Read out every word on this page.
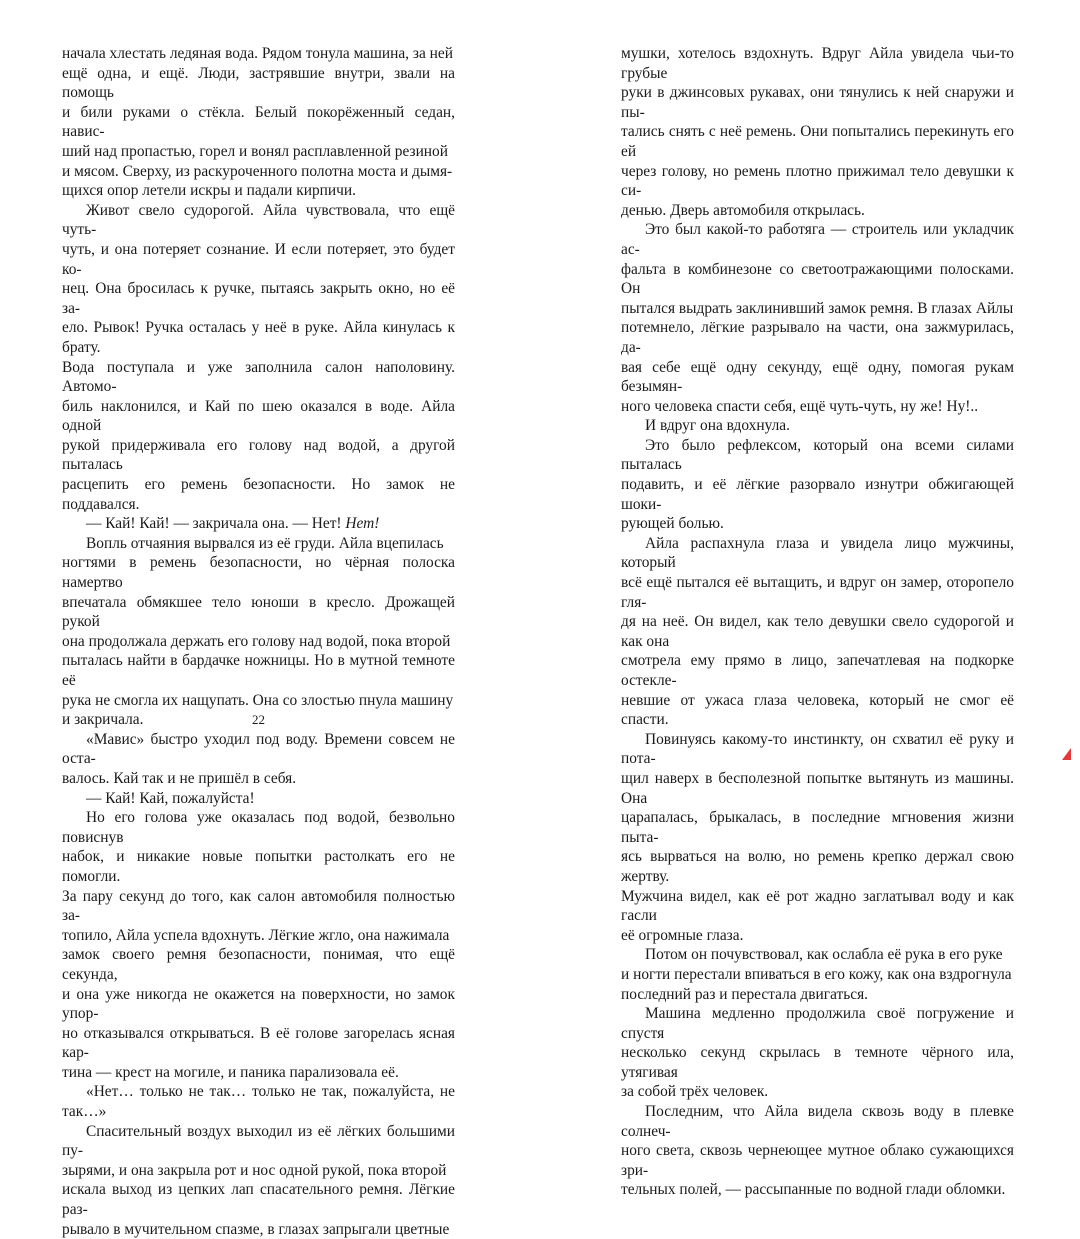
начала хлестать ледяная вода. Рядом тонула машина, за ней
ещё одна, и ещё. Люди, застрявшие внутри, звали на помощь
и били руками о стёкла. Белый покорёженный седан, навис-
ший над пропастью, горел и вонял расплавленной резиной
и мясом. Сверху, из раскуроченного полотна моста и дымя-
щихся опор летели искры и падали кирпичи.

Живот свело судорогой. Айла чувствовала, что ещё чуть-
чуть, и она потеряет сознание. И если потеряет, это будет ко-
нец. Она бросилась к ручке, пытаясь закрыть окно, но её за-
ело. Рывок! Ручка осталась у неё в руке. Айла кинулась к брату.
Вода поступала и уже заполнила салон наполовину. Автомо-
биль наклонился, и Кай по шею оказался в воде. Айла одной
рукой придерживала его голову над водой, а другой пыталась
расцепить его ремень безопасности. Но замок не поддавался.

— Кай! Кай! — закричала она. — Нет! Нет!

Вопль отчаяния вырвался из её груди. Айла вцепилась
ногтями в ремень безопасности, но чёрная полоска намертво
впечатала обмякшее тело юноши в кресло. Дрожащей рукой
она продолжала держать его голову над водой, пока второй
пыталась найти в бардачке ножницы. Но в мутной темноте её
рука не смогла их нащупать. Она со злостью пнула машину
и закричала.

«Мавис» быстро уходил под воду. Времени совсем не оста-
валось. Кай так и не пришёл в себя.

— Кай! Кай, пожалуйста!

Но его голова уже оказалась под водой, безвольно повиснув
набок, и никакие новые попытки растолкать его не помогли.
За пару секунд до того, как салон автомобиля полностью за-
топило, Айла успела вдохнуть. Лёгкие жгло, она нажимала
замок своего ремня безопасности, понимая, что ещё секунда,
и она уже никогда не окажется на поверхности, но замок упор-
но отказывался открываться. В её голове загорелась ясная кар-
тина — крест на могиле, и паника парализовала её.

«Нет… только не так… только не так, пожалуйста, не так…»

Спасительный воздух выходил из её лёгких большими пу-
зырями, и она закрыла рот и нос одной рукой, пока второй
искала выход из цепких лап спасательного ремня. Лёгкие раз-
рывало в мучительном спазме, в глазах запрыгали цветные

22

мушки, хотелось вздохнуть. Вдруг Айла увидела чьи-то грубые
руки в джинсовых рукавах, они тянулись к ней снаружи и пы-
тались снять с неё ремень. Они попытались перекинуть его ей
через голову, но ремень плотно прижимал тело девушки к си-
денью. Дверь автомобиля открылась.

Это был какой-то работяга — строитель или укладчик ас-
фальта в комбинезоне со светоотражающими полосками. Он
пытался выдрать заклинивший замок ремня. В глазах Айлы
потемнело, лёгкие разрывало на части, она зажмурилась, да-
вая себе ещё одну секунду, ещё одну, помогая рукам безымян-
ного человека спасти себя, ещё чуть-чуть, ну же! Ну!..

И вдруг она вдохнула.

Это было рефлексом, который она всеми силами пыталась
подавить, и её лёгкие разорвало изнутри обжигающей шоки-
рующей болью.

Айла распахнула глаза и увидела лицо мужчины, который
всё ещё пытался её вытащить, и вдруг он замер, оторопело гля-
дя на неё. Он видел, как тело девушки свело судорогой и как она
смотрела ему прямо в лицо, запечатлевая на подкорке остекле-
невшие от ужаса глаза человека, который не смог её спасти.

Повинуясь какому-то инстинкту, он схватил её руку и пота-
щил наверх в бесполезной попытке вытянуть из машины. Она
царапалась, брыкалась, в последние мгновения жизни пыта-
ясь вырваться на волю, но ремень крепко держал свою жертву.
Мужчина видел, как её рот жадно заглатывал воду и как гасли
её огромные глаза.

Потом он почувствовал, как ослабла её рука в его руке
и ногти перестали впиваться в его кожу, как она вздрогнула
последний раз и перестала двигаться.

Машина медленно продолжила своё погружение и спустя
несколько секунд скрылась в темноте чёрного ила, утягивая
за собой трёх человек.

Последним, что Айла видела сквозь воду в плевке солнеч-
ного света, сквозь чернеющее мутное облако сужающихся зри-
тельных полей, — рассыпанные по водной глади обломки.
